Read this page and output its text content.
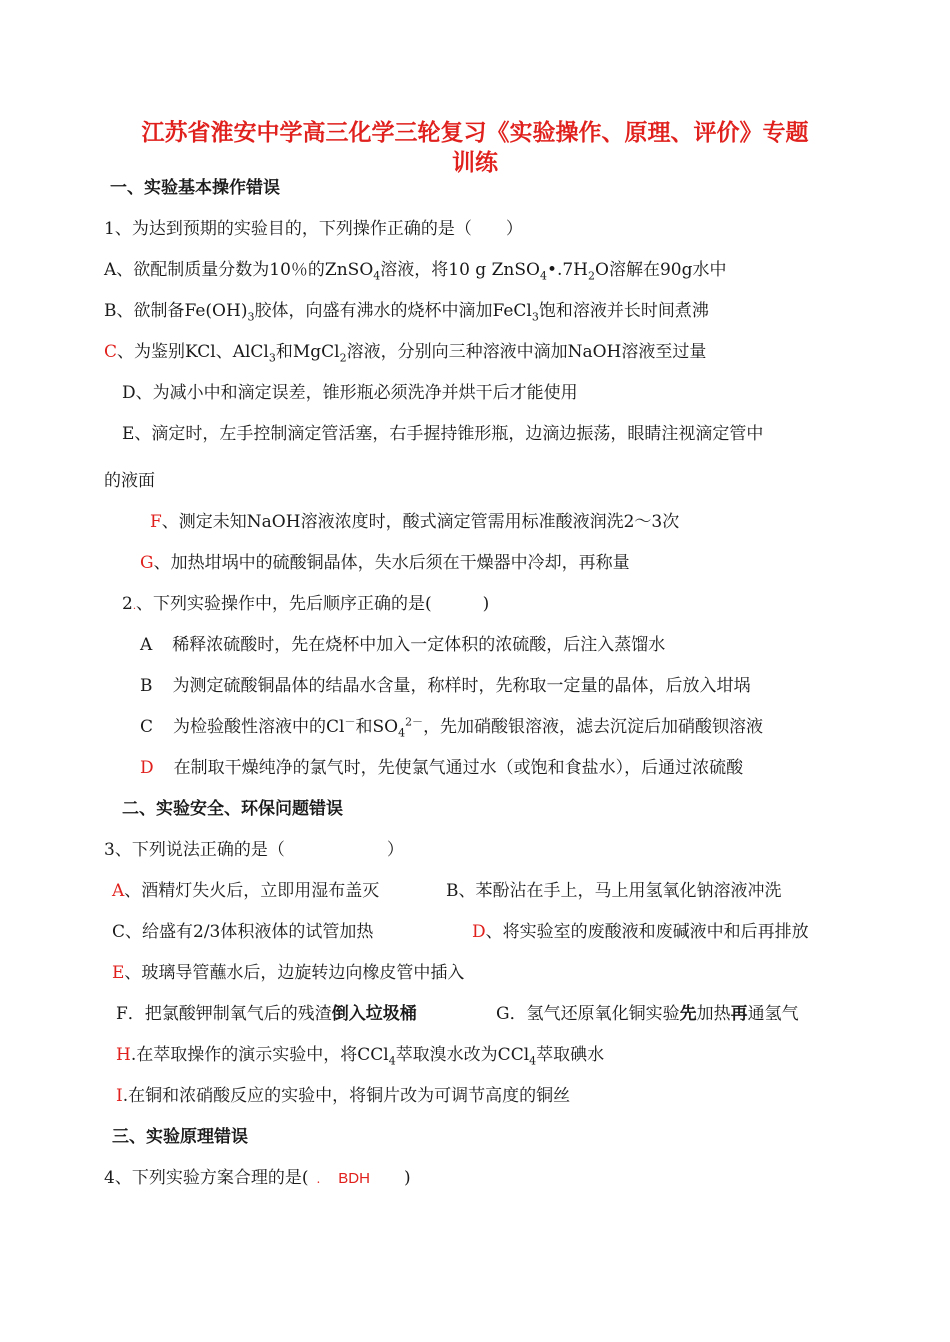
江苏省淮安中学高三化学三轮复习《实验操作、原理、评价》专题
训练
一、实验基本操作错误
1、为达到预期的实验目的，下列操作正确的是（　　）
A、欲配制质量分数为10％的ZnSO$_4$溶液，将10 g $ZnSO_4•.7H_2O$溶解在90g水中
B、欲制备$Fe(OH)_3$胶体，向盛有沸水的烧杯中滴加FeCl$_3$饱和溶液并长时间煮沸
C、为鉴别KCl、AlCl$_3$和MgCl$_2$溶液，分别向三种溶液中滴加NaOH溶液至过量
D、为减小中和滴定误差，锥形瓶必须洗净并烘干后才能使用
E、滴定时，左手控制滴定管活塞，右手握持锥形瓶，边滴边振荡，眼睛注视滴定管中
的液面
F、测定未知NaOH溶液浓度时，酸式滴定管需用标准酸液润洗2～3次
G、加热坩埚中的硫酸铜晶体，失水后须在干燥器中冷却，再称量
2.、下列实验操作中，先后顺序正确的是(　　　)
A 稀释浓硫酸时，先在烧杯中加入一定体积的浓硫酸，后注入蒸馏水
B 为测定硫酸铜晶体的结晶水含量，称样时，先称取一定量的晶体，后放入坩埚
C 为检验酸性溶液中的Cl－和$SO_4^{2-}$，先加硝酸银溶液，滤去沉淀后加硝酸钡溶液
D 在制取干燥纯净的氯气时，先使氯气通过水（或饱和食盐水），后通过浓硫酸
二、实验安全、环保问题错误
3、下列说法正确的是（　　　　　　）
A、酒精灯失火后，立即用湿布盖灭	B、苯酚沾在手上，马上用氢氧化钠溶液冲洗
C、给盛有2/3体积液体的试管加热	D、将实验室的废酸液和废碱液中和后再排放
E、玻璃导管蘸水后，边旋转边向橡皮管中插入
F．把氯酸钾制氧气后的残渣倒入垃圾桶	G．氢气还原氧化铜实验先加热再通氢气
H.在萃取操作的演示实验中，将CCl$_4$萃取溴水改为CCl$_4$萃取碘水
I.在铜和浓硝酸反应的实验中，将铜片改为可调节高度的铜丝
三、实验原理错误
4、下列实验方案合理的是( . BDH　　)
